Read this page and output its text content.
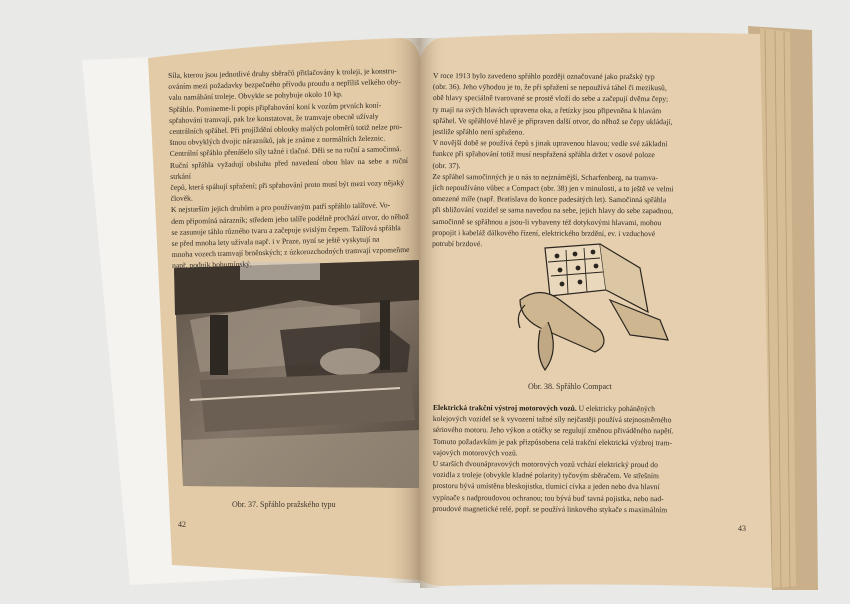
Síla, kterou jsou jednotlivé druhy sběračů přitlačovány k troleji, je konstru-
ováním mezi požadavky bezpečného přívodu proudu a nepříliš velkého oby-
valu namáhání troleje. Obvykle se pohybuje okolo 10 kp.
Spřáhlo. Pomineme-li popis připřahování koní k vozům prvních koní-
spřahováni tramvají, pak lze konstatovat, že tramvaje obecně užívaly
centrálních spřáhel. Při projíždění oblouky malých poloměrů totiž nelze pro-
štnou obvyklých dvojic nárazníků, jak je známe z normálních železnic.
Centrální spřáhlo přenášelo síly tažné i tlačné. Děli se na ruční a samočinná.
Ruční spřáhla vyžadují obsluhu před navedení obou hlav na sebe a ruční strkání
čepů, která spáhují spřažení; při spřahování proto musí být mezi vozy nějaký
člověk.
K nejstarším jejich druhům a pro používaným patří spřáhlo talířové. Vo-
dem připomíná nárazník; středem jeho talíře podélně prochází otvor, do něhož
se zasunuje táhlo různého tvaru a začepuje svislým čepem. Talířová spřáhla
se před mnoha lety užívala např. i v Praze, nyní se ještě vyskytují na
mnoha vozech tramvají brněnských; z úzkorozchodných tramvají vzpomeňme
např. podnik bohumínský.
Obr. 37. Spřáhlo pražského typu
42
V roce 1913 bylo zavedeno spřáhlo později označované jako pražský typ
(obr. 36). Jeho výhodou je to, že při spřažení se nepoužívá táhel či mezikusů,
obě hlavy speciálně tvarované se prostě vloží do sebe a začepují dvěma čepy;
ty mají na svých hlavách upravena oka, a řetízky jsou připevněna k hlavám
spřáhel. Ve spřáhlové hlavě je připraven další otvor, do něhož se čepy ukládají,
jestliže spřáhlo není spřaženo.
V novější době se používá čepů s jinak upravenou hlavou; vedle své základní
funkce při spřahování totiž musí nespřažená spřáhla držet v osové poloze
(obr. 37).
Ze spřáhel samočinných je u nás to nejznámější, Scharfenberg, na tramva-
jích nepoužíváno vůbec a Compact (obr. 38) jen v minulosti, a to ještě ve velmi
omezené míře (např. Bratislava do konce padesátých let). Samočinná spřáhla
při sbližování vozidel se sama navedou na sebe, jejich hlavy do sebe zapadnou,
samočinně se spřáhnou a jsou-li vybaveny též dotykovými hlavami, mohou
propojit i kabeláž dálkového řízení, elektrického brzdění, ev. i vzduchové
potrubí brzdové.
Obr. 38. Spřáhlo Compact
Elektrická trakční výstroj motorových vozů. U elektricky poháněných
kolejových vozidel se k vyvození tažné síly nejčastěji používá stejnosměrného
sériového motoru. Jeho výkon a otáčky se regulují změnou přiváděného napětí.
Tomuto požadavkům je pak přizpůsobena celá trakční elektrická výzbroj tram-
vajových motorových vozů.
U starších dvounápravových motorových vozů vchází elektrický proud do
vozidla z troleje (obvykle kladné polarity) tyčovým sběračem. Ve střešním
prostoru bývá umístěna bleskojistka, tlumicí cívka a jeden nebo dva hlavní
vypínače s nadproudovou ochranou; tou bývá buď tavná pojistka, nebo nad-
proudové magnetické relé, popř. se používá linkového stykače s maximálním
43
